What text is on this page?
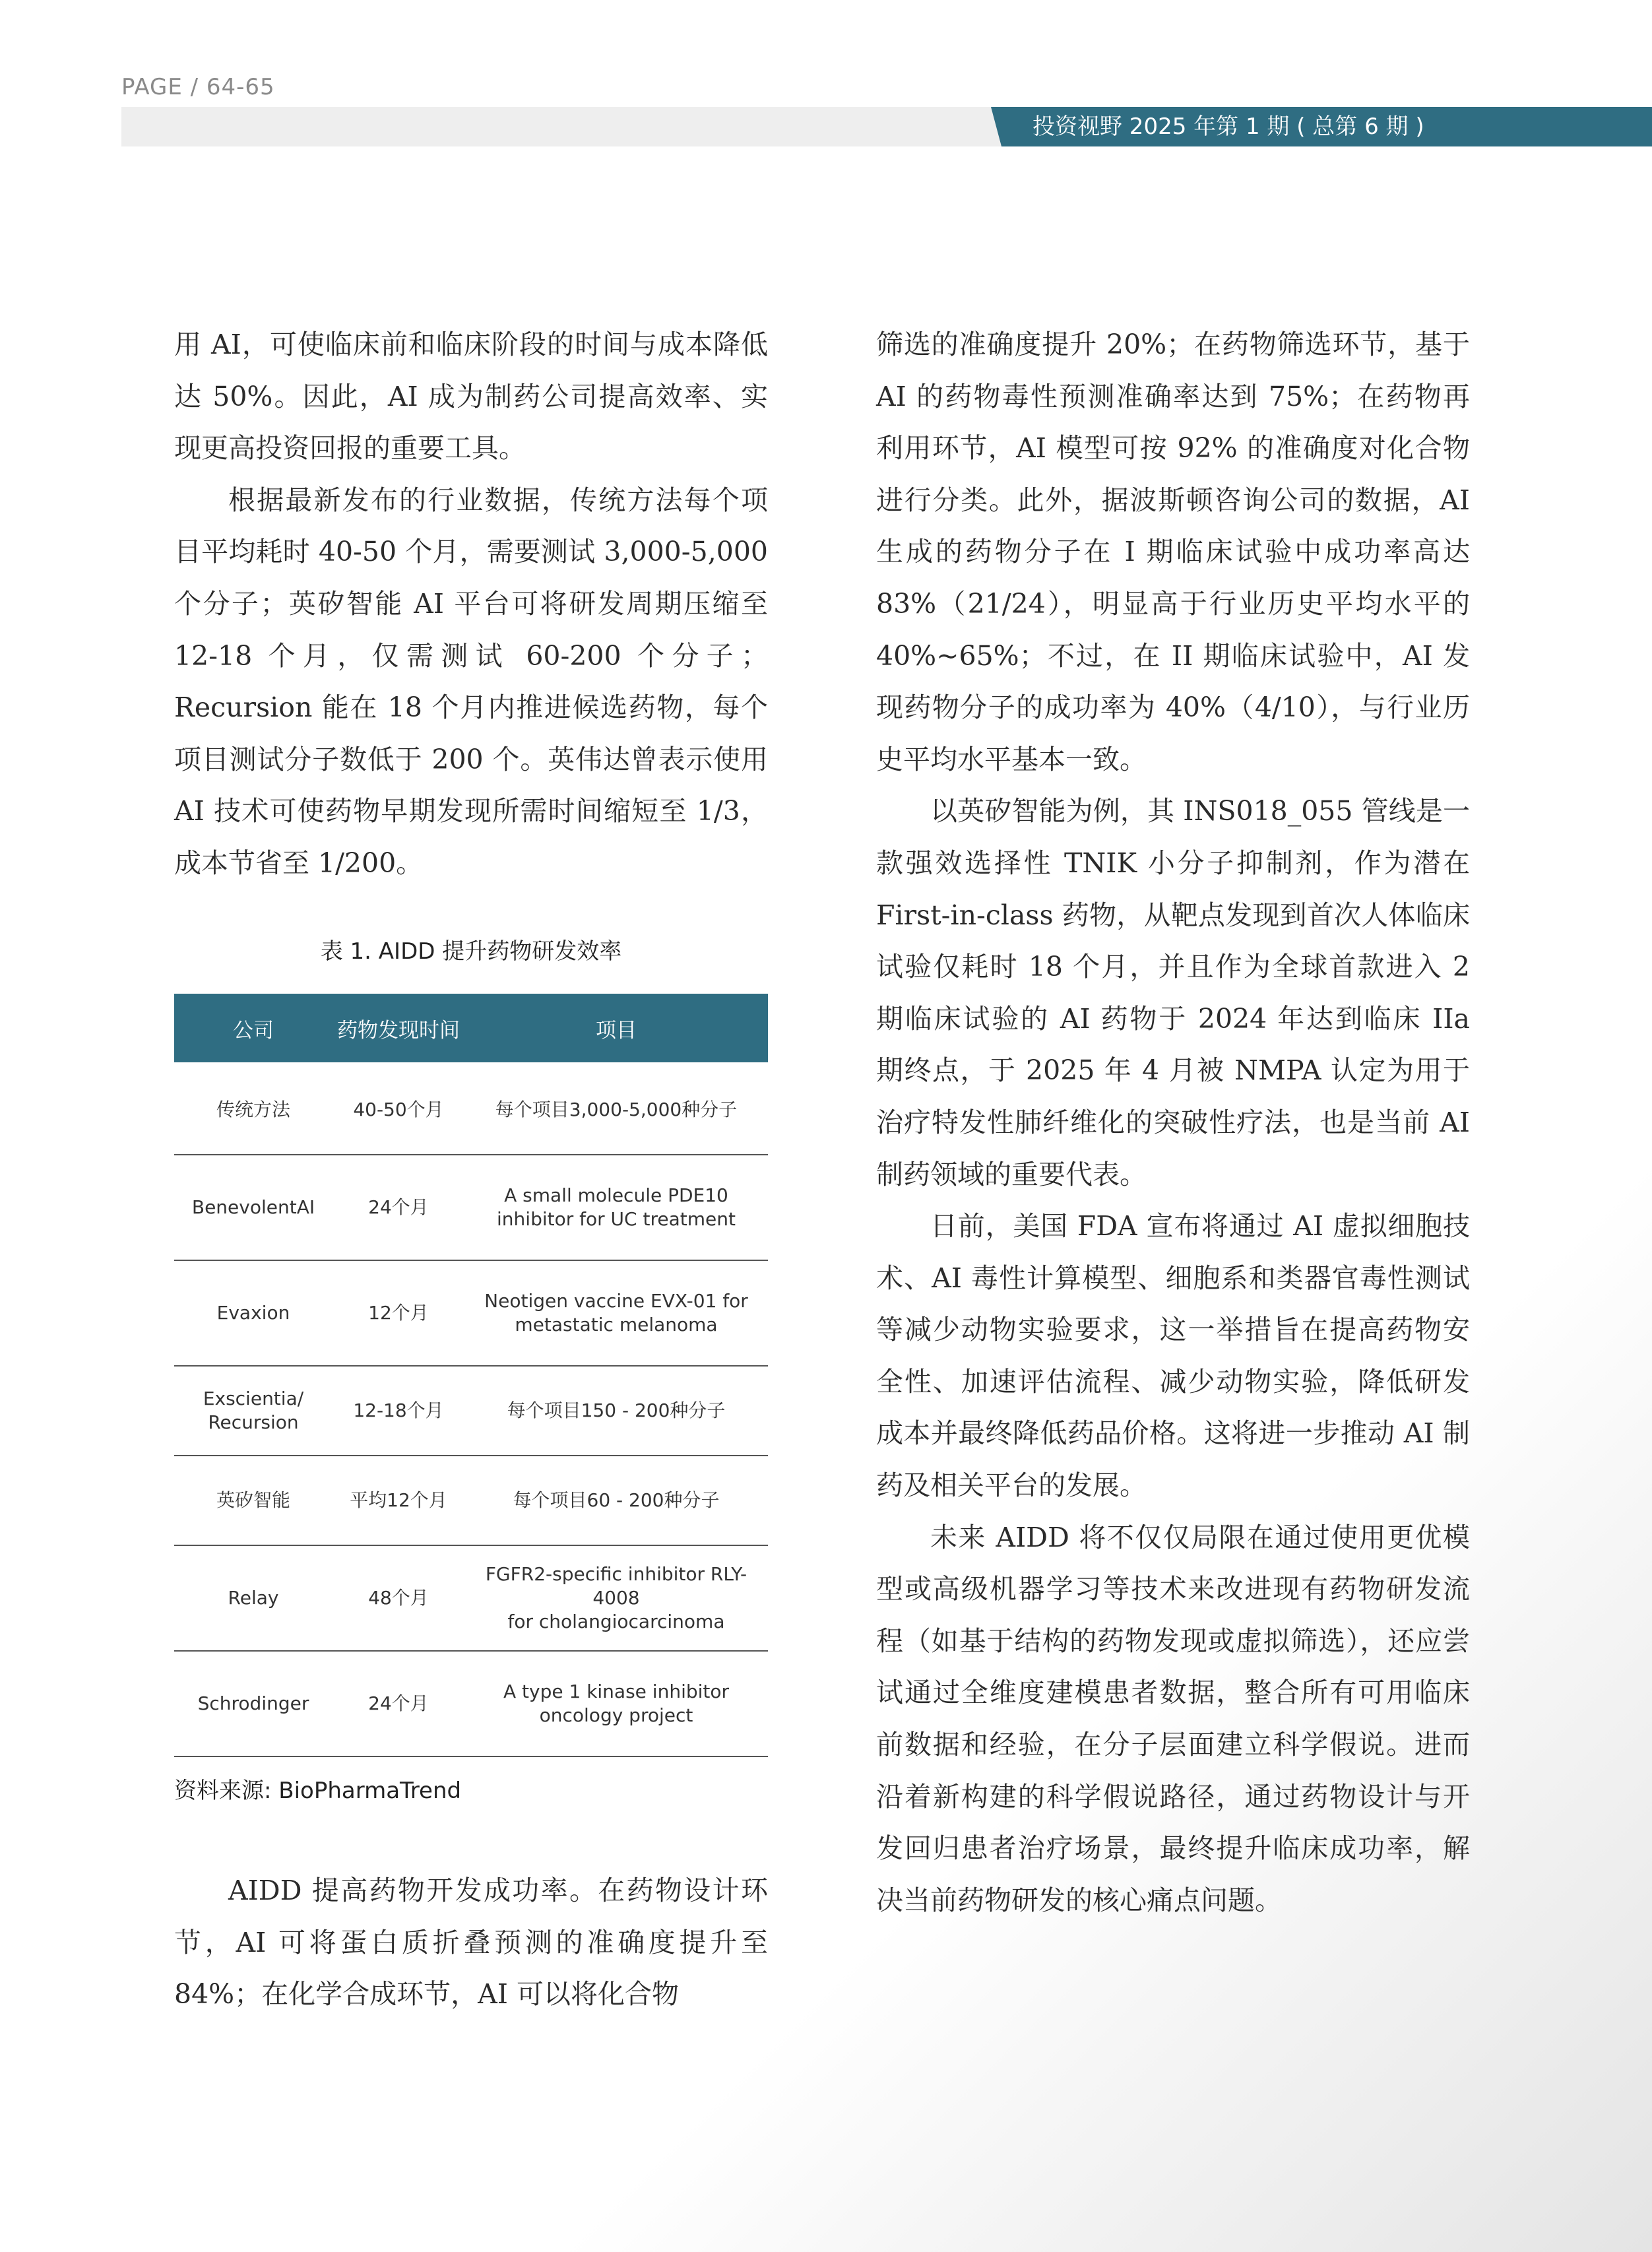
PAGE / 64-65
投资视野 2025 年第 1 期 ( 总第 6 期 )

用 AI，可使临床前和临床阶段的时间与成本降低达 50%。因此，AI 成为制药公司提高效率、实现更高投资回报的重要工具。

根据最新发布的行业数据，传统方法每个项目平均耗时 40-50 个月，需要测试 3,000-5,000 个分子；英矽智能 AI 平台可将研发周期压缩至 12-18 个月，仅需测试 60-200 个分子；Recursion 能在 18 个月内推进候选药物，每个项目测试分子数低于 200 个。英伟达曾表示使用 AI 技术可使药物早期发现所需时间缩短至 1/3，成本节省至 1/200。

表 1. AIDD 提升药物研发效率
公司	药物发现时间	项目
传统方法	40-50个月	每个项目3,000-5,000种分子
BenevolentAI	24个月	A small molecule PDE10
inhibitor for UC treatment
Evaxion	12个月	Neotigen vaccine EVX-01 for
metastatic melanoma
Exscientia/
Recursion	12-18个月	每个项目150 - 200种分子
英矽智能	平均12个月	每个项目60 - 200种分子
Relay	48个月	FGFR2-specific inhibitor RLY-4008
for cholangiocarcinoma
Schrodinger	24个月	A type 1 kinase inhibitor
oncology project
资料来源: BioPharmaTrend

AIDD 提高药物开发成功率。在药物设计环节，AI 可将蛋白质折叠预测的准确度提升至 84%；在化学合成环节，AI 可以将化合物

筛选的准确度提升 20%；在药物筛选环节，基于 AI 的药物毒性预测准确率达到 75%；在药物再利用环节，AI 模型可按 92% 的准确度对化合物进行分类。此外，据波斯顿咨询公司的数据，AI 生成的药物分子在 I 期临床试验中成功率高达 83%（21/24），明显高于行业历史平均水平的 40%~65%；不过，在 II 期临床试验中，AI 发现药物分子的成功率为 40%（4/10），与行业历史平均水平基本一致。

以英矽智能为例，其 INS018_055 管线是一款强效选择性 TNIK 小分子抑制剂，作为潜在 First-in-class 药物，从靶点发现到首次人体临床试验仅耗时 18 个月，并且作为全球首款进入 2 期临床试验的 AI 药物于 2024 年达到临床 IIa 期终点，于 2025 年 4 月被 NMPA 认定为用于治疗特发性肺纤维化的突破性疗法，也是当前 AI 制药领域的重要代表。

日前，美国 FDA 宣布将通过 AI 虚拟细胞技术、AI 毒性计算模型、细胞系和类器官毒性测试等减少动物实验要求，这一举措旨在提高药物安全性、加速评估流程、减少动物实验，降低研发成本并最终降低药品价格。这将进一步推动 AI 制药及相关平台的发展。

未来 AIDD 将不仅仅局限在通过使用更优模型或高级机器学习等技术来改进现有药物研发流程（如基于结构的药物发现或虚拟筛选），还应尝试通过全维度建模患者数据，整合所有可用临床前数据和经验，在分子层面建立科学假说。进而沿着新构建的科学假说路径，通过药物设计与开发回归患者治疗场景，最终提升临床成功率，解决当前药物研发的核心痛点问题。
